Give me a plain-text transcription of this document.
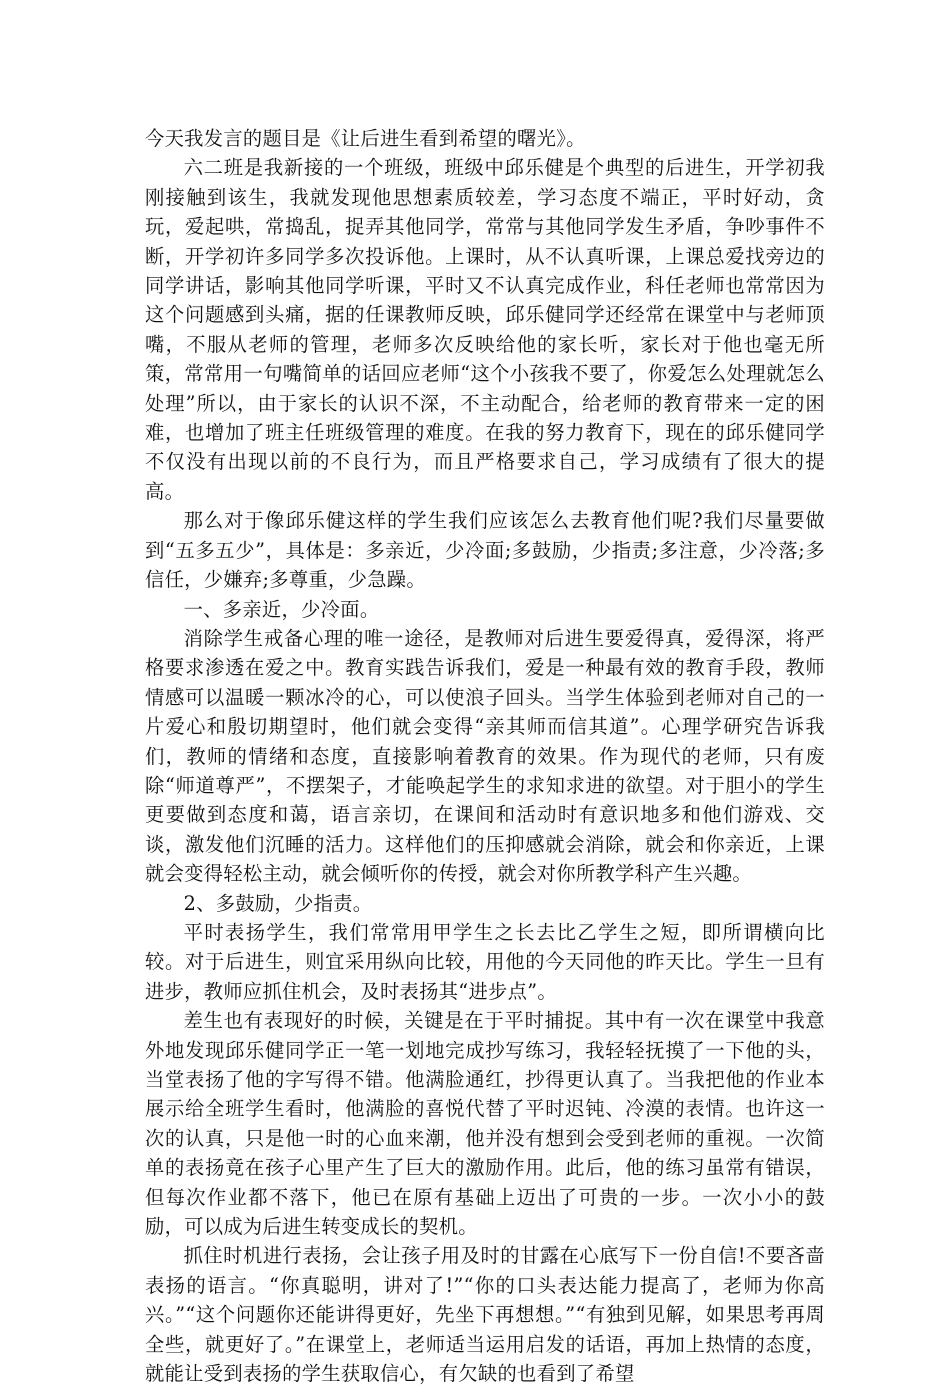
今天我发言的题目是《让后进生看到希望的曙光》。

六二班是我新接的一个班级，班级中邱乐健是个典型的后进生，开学初我刚接触到该生，我就发现他思想素质较差，学习态度不端正，平时好动，贪玩，爱起哄，常捣乱，捉弄其他同学，常常与其他同学发生矛盾，争吵事件不断，开学初许多同学多次投诉他。上课时，从不认真听课，上课总爱找旁边的同学讲话，影响其他同学听课，平时又不认真完成作业，科任老师也常常因为这个问题感到头痛，据的任课教师反映，邱乐健同学还经常在课堂中与老师顶嘴，不服从老师的管理，老师多次反映给他的家长听，家长对于他也毫无所策，常常用一句嘴简单的话回应老师“这个小孩我不要了，你爱怎么处理就怎么处理”所以，由于家长的认识不深，不主动配合，给老师的教育带来一定的困难，也增加了班主任班级管理的难度。在我的努力教育下，现在的邱乐健同学不仅没有出现以前的不良行为，而且严格要求自己，学习成绩有了很大的提高。

那么对于像邱乐健这样的学生我们应该怎么去教育他们呢?我们尽量要做到“五多五少”，具体是：多亲近，少冷面;多鼓励，少指责;多注意，少冷落;多信任，少嫌弃;多尊重，少急躁。

一、多亲近，少冷面。

消除学生戒备心理的唯一途径，是教师对后进生要爱得真，爱得深，将严格要求渗透在爱之中。教育实践告诉我们，爱是一种最有效的教育手段，教师情感可以温暖一颗冰冷的心，可以使浪子回头。当学生体验到老师对自己的一片爱心和殷切期望时，他们就会变得“亲其师而信其道”。心理学研究告诉我们，教师的情绪和态度，直接影响着教育的效果。作为现代的老师，只有废除“师道尊严”，不摆架子，才能唤起学生的求知求进的欲望。对于胆小的学生更要做到态度和蔼，语言亲切，在课间和活动时有意识地多和他们游戏、交谈，激发他们沉睡的活力。这样他们的压抑感就会消除，就会和你亲近，上课就会变得轻松主动，就会倾听你的传授，就会对你所教学科产生兴趣。

2、多鼓励，少指责。

平时表扬学生，我们常常用甲学生之长去比乙学生之短，即所谓横向比较。对于后进生，则宜采用纵向比较，用他的今天同他的昨天比。学生一旦有进步，教师应抓住机会，及时表扬其“进步点”。

差生也有表现好的时候，关键是在于平时捕捉。其中有一次在课堂中我意外地发现邱乐健同学正一笔一划地完成抄写练习，我轻轻抚摸了一下他的头，当堂表扬了他的字写得不错。他满脸通红，抄得更认真了。当我把他的作业本展示给全班学生看时，他满脸的喜悦代替了平时迟钝、冷漠的表情。也许这一次的认真，只是他一时的心血来潮，他并没有想到会受到老师的重视。一次简单的表扬竟在孩子心里产生了巨大的激励作用。此后，他的练习虽常有错误，但每次作业都不落下，他已在原有基础上迈出了可贵的一步。一次小小的鼓励，可以成为后进生转变成长的契机。

抓住时机进行表扬，会让孩子用及时的甘露在心底写下一份自信!不要吝啬表扬的语言。“你真聪明，讲对了!”“你的口头表达能力提高了，老师为你高兴。”“这个问题你还能讲得更好，先坐下再想想。”“有独到见解，如果思考再周全些，就更好了。”在课堂上，老师适当运用启发的话语，再加上热情的态度，就能让受到表扬的学生获取信心，有欠缺的也看到了希望
